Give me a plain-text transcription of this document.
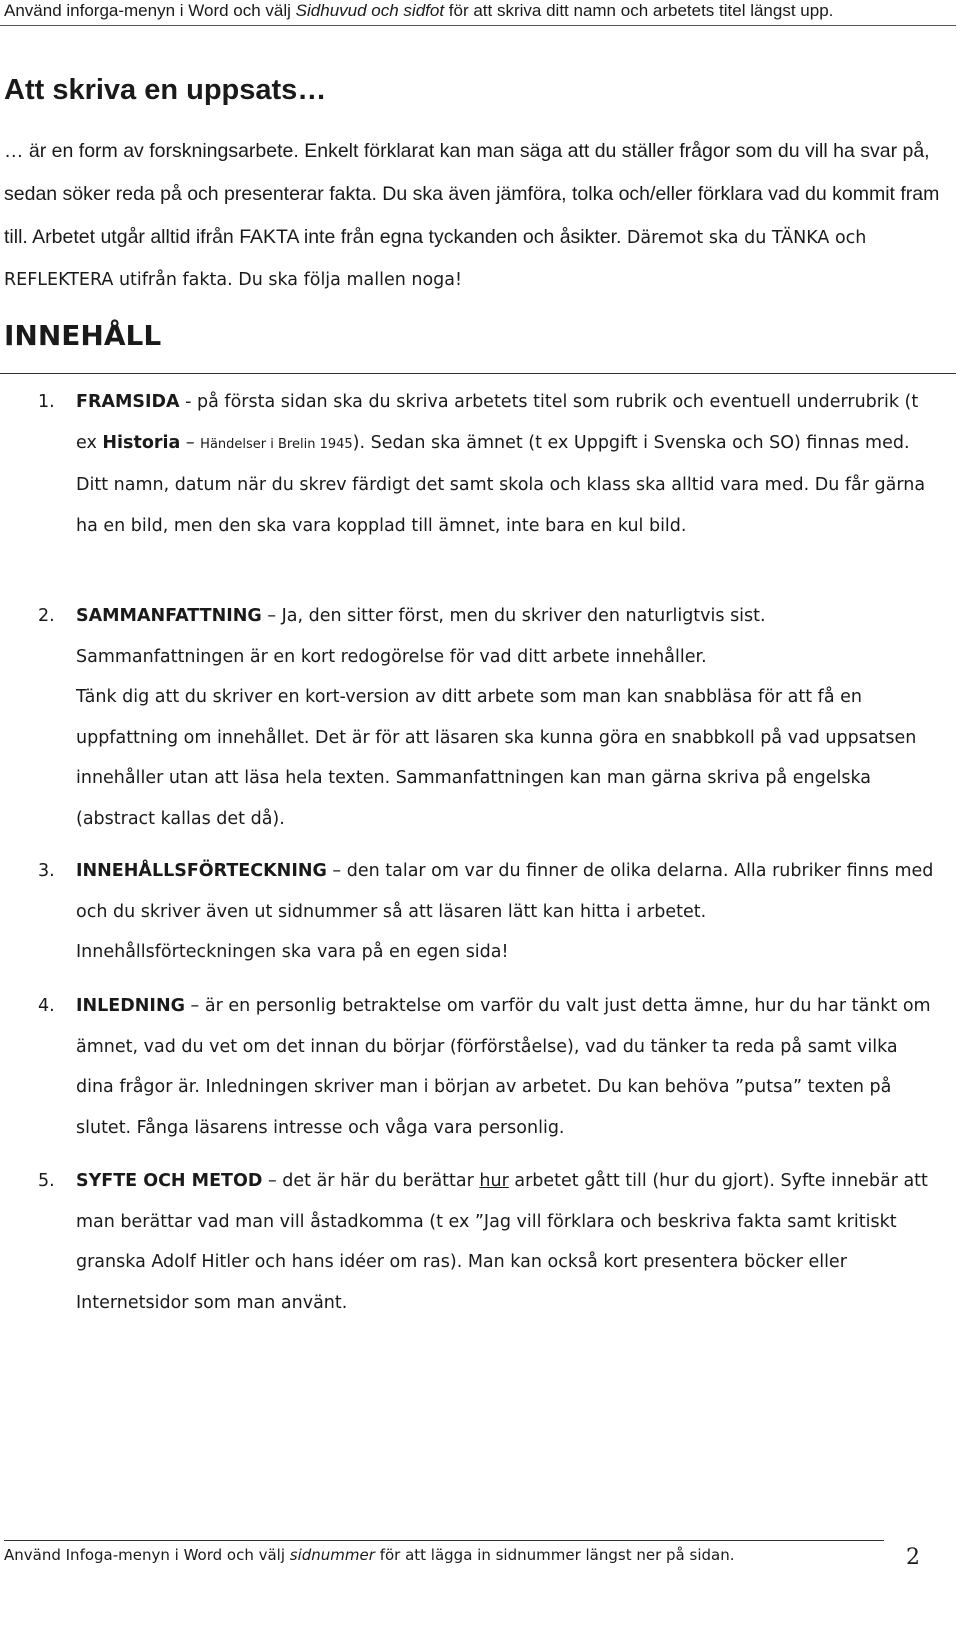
Använd inforga-menyn i Word och välj Sidhuvud och sidfot för att skriva ditt namn och arbetets titel längst upp.
Att skriva en uppsats…

… är en form av forskningsarbete. Enkelt förklarat kan man säga att du ställer frågor som du vill ha svar på, sedan söker reda på och presenterar fakta. Du ska även jämföra, tolka och/eller förklara vad du kommit fram till. Arbetet utgår alltid ifrån FAKTA inte från egna tyckanden och åsikter. Däremot ska du TÄNKA och REFLEKTERA utifrån fakta. Du ska följa mallen noga!

INNEHÅLL
1.	FRAMSIDA - på första sidan ska du skriva arbetets titel som rubrik och eventuell underrubrik (t ex Historia – Händelser i Brelin 1945). Sedan ska ämnet (t ex Uppgift i Svenska och SO) finnas med. Ditt namn, datum när du skrev färdigt det samt skola och klass ska alltid vara med. Du får gärna ha en bild, men den ska vara kopplad till ämnet, inte bara en kul bild.
2.	SAMMANFATTNING – Ja, den sitter först, men du skriver den naturligtvis sist.
Sammanfattningen är en kort redogörelse för vad ditt arbete innehåller.
Tänk dig att du skriver en kort-version av ditt arbete som man kan snabbläsa för att få en uppfattning om innehållet. Det är för att läsaren ska kunna göra en snabbkoll på vad uppsatsen innehåller utan att läsa hela texten. Sammanfattningen kan man gärna skriva på engelska (abstract kallas det då).
3.	INNEHÅLLSFÖRTECKNING – den talar om var du finner de olika delarna. Alla rubriker finns med och du skriver även ut sidnummer så att läsaren lätt kan hitta i arbetet.
Innehållsförteckningen ska vara på en egen sida!
4.	INLEDNING – är en personlig betraktelse om varför du valt just detta ämne, hur du har tänkt om ämnet, vad du vet om det innan du börjar (förförståelse), vad du tänker ta reda på samt vilka dina frågor är. Inledningen skriver man i början av arbetet. Du kan behöva ”putsa” texten på slutet. Fånga läsarens intresse och våga vara personlig.
5.	SYFTE OCH METOD – det är här du berättar hur arbetet gått till (hur du gjort). Syfte innebär att man berättar vad man vill åstadkomma (t ex ”Jag vill förklara och beskriva fakta samt kritiskt granska Adolf Hitler och hans idéer om ras). Man kan också kort presentera böcker eller Internetsidor som man använt.
Använd Infoga-menyn i Word och välj sidnummer för att lägga in sidnummer längst ner på sidan.	2
